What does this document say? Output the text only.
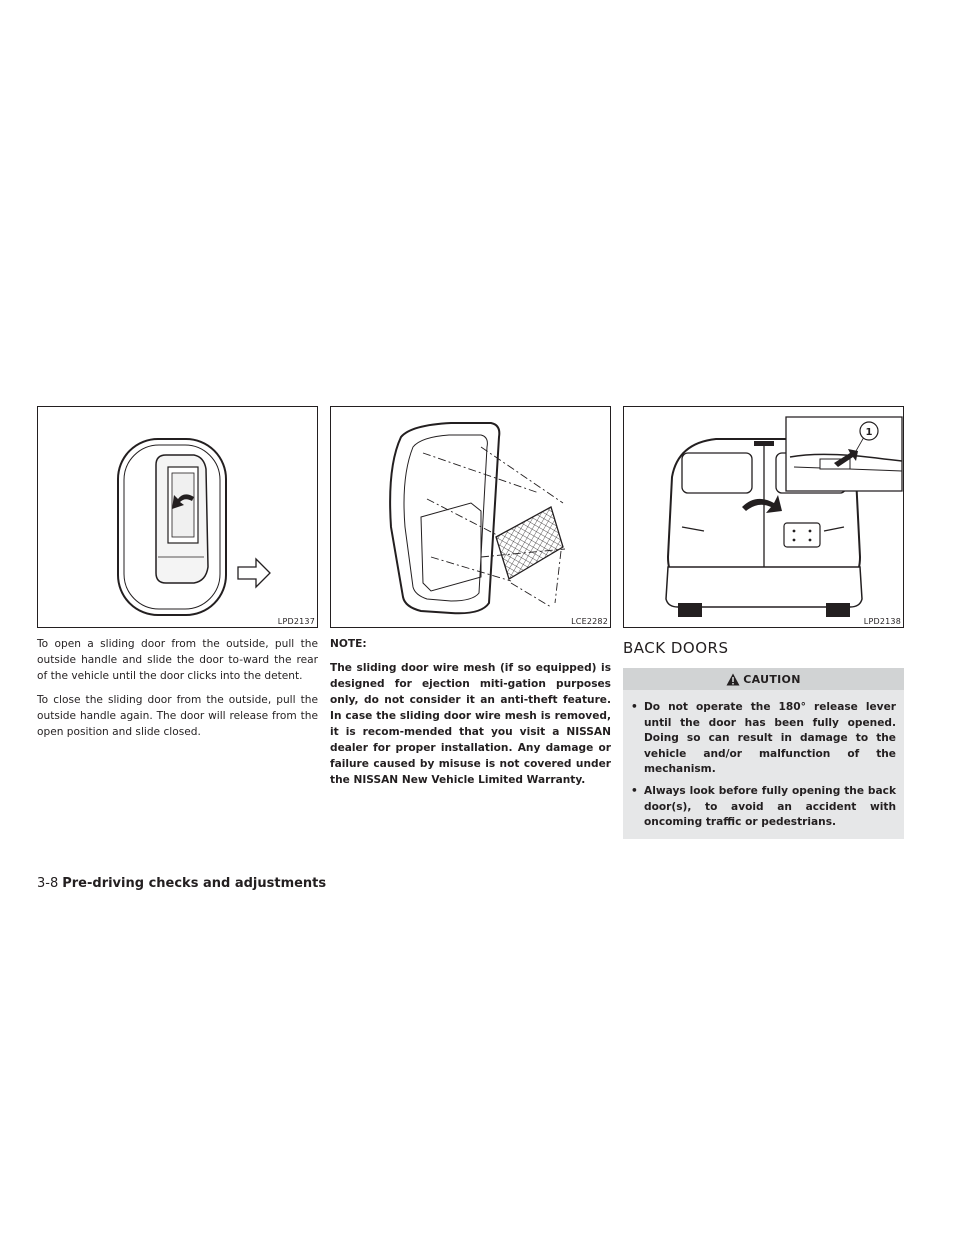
LPD2137

To open a sliding door from the outside, pull the outside handle and slide the door to-ward the rear of the vehicle until the door clicks into the detent.

To close the sliding door from the outside, pull the outside handle again. The door will release from the open position and slide closed.

LCE2282

NOTE:

The sliding door wire mesh (if so equipped) is designed for ejection miti-gation purposes only, do not consider it an anti-theft feature. In case the sliding door wire mesh is removed, it is recom-mended that you visit a NISSAN dealer for proper installation. Any damage or failure caused by misuse is not covered under the NISSAN New Vehicle Limited Warranty.

1
LPD2138
BACK DOORS
CAUTION
• Do not operate the 180° release lever until the door has been fully opened. Doing so can result in damage to the vehicle and/or malfunction of the mechanism.
• Always look before fully opening the back door(s), to avoid an accident with oncoming traffic or pedestrians.
3-8 Pre-driving checks and adjustments
